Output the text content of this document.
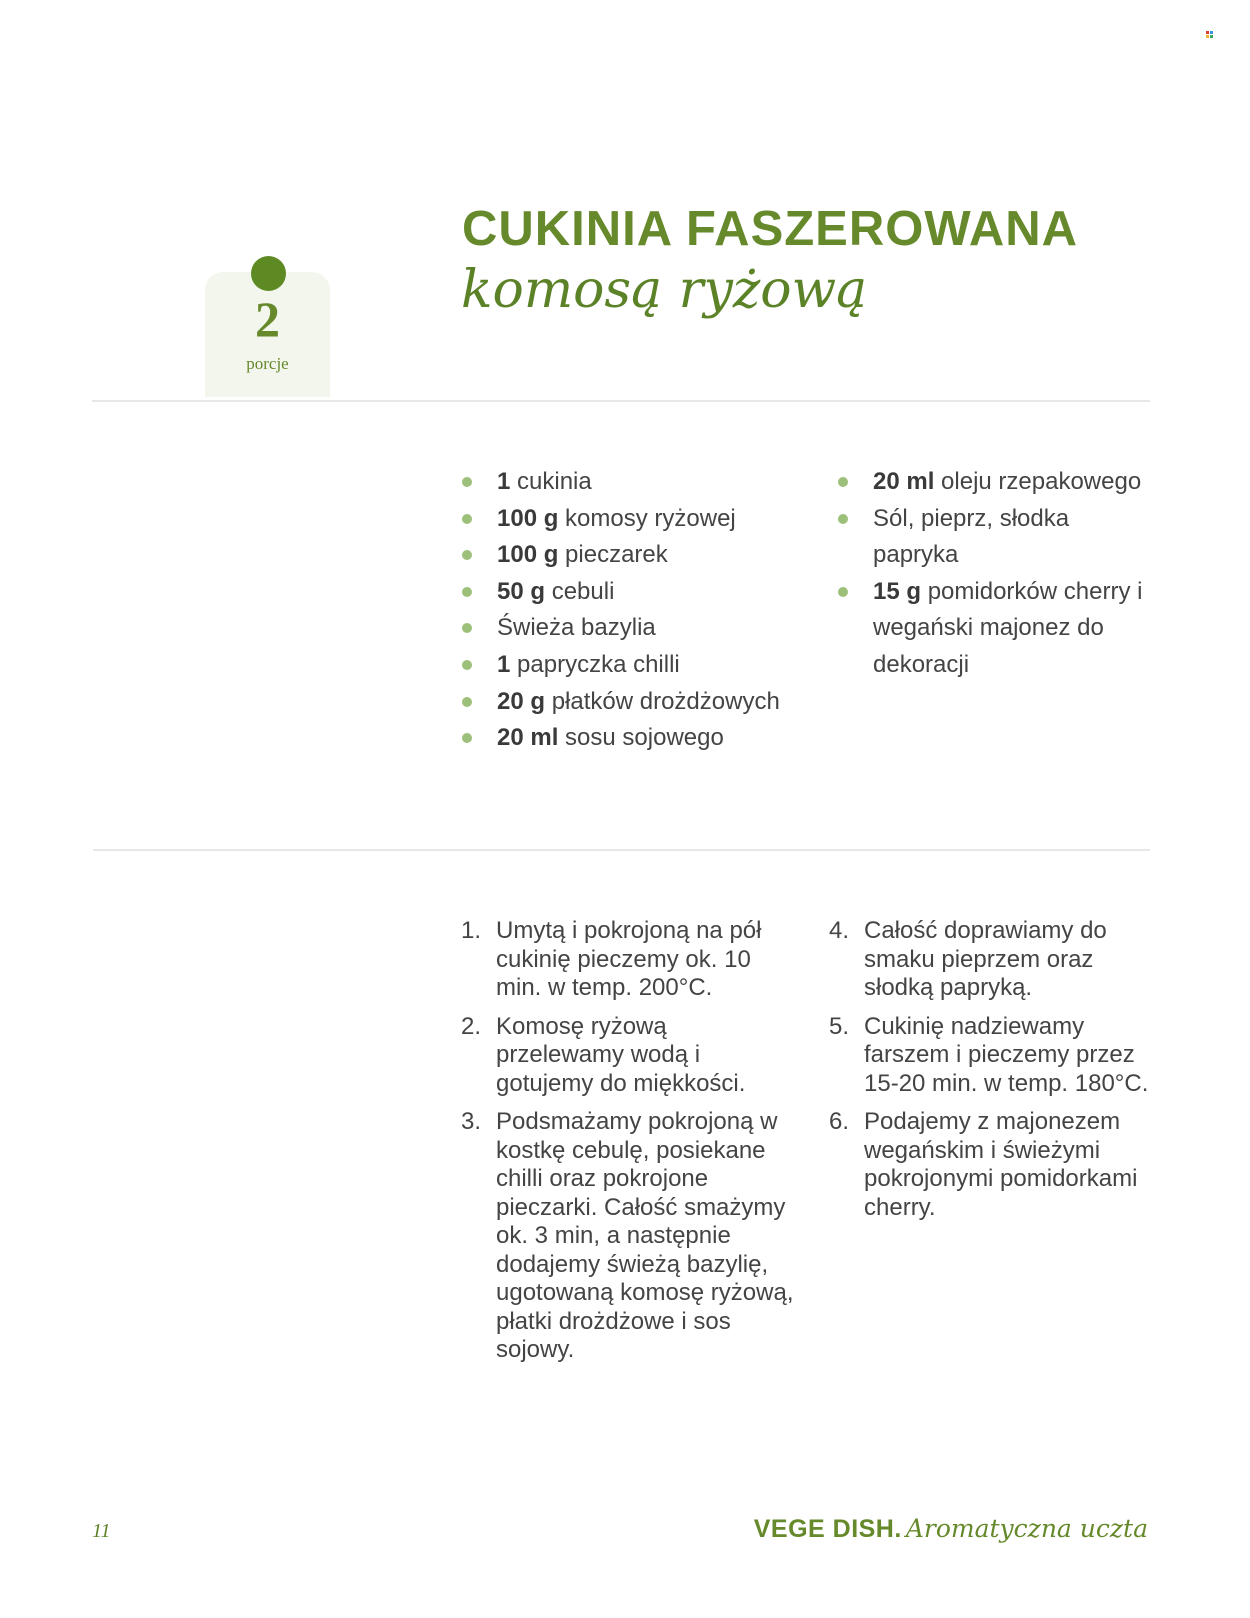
CUKINIA FASZEROWANA
komosą ryżową
2
porcje
1 cukinia
100 g komosy ryżowej
100 g pieczarek
50 g cebuli
Świeża bazylia
1 papryczka chilli
20 g płatków drożdżowych
20 ml sosu sojowego
20 ml oleju rzepakowego
Sól, pieprz, słodka papryka
15 g pomidorków cherry i wegański majonez do dekoracji
1. Umytą i pokrojoną na pół cukinię pieczemy ok. 10 min. w temp. 200°C.
2. Komosę ryżową przelewamy wodą i gotujemy do miękkości.
3. Podsmażamy pokrojoną w kostkę cebulę, posiekane chilli oraz pokrojone pieczarki. Całość smażymy ok. 3 min, a następnie dodajemy świeżą bazylię, ugotowaną komosę ryżową, płatki drożdżowe i sos sojowy.
4. Całość doprawiamy do smaku pieprzem oraz słodką papryką.
5. Cukinię nadziewamy farszem i pieczemy przez 15-20 min. w temp. 180°C.
6. Podajemy z majonezem wegańskim i świeżymi pokrojonymi pomidorkami cherry.
11	VEGE DISH. Aromatyczna uczta
